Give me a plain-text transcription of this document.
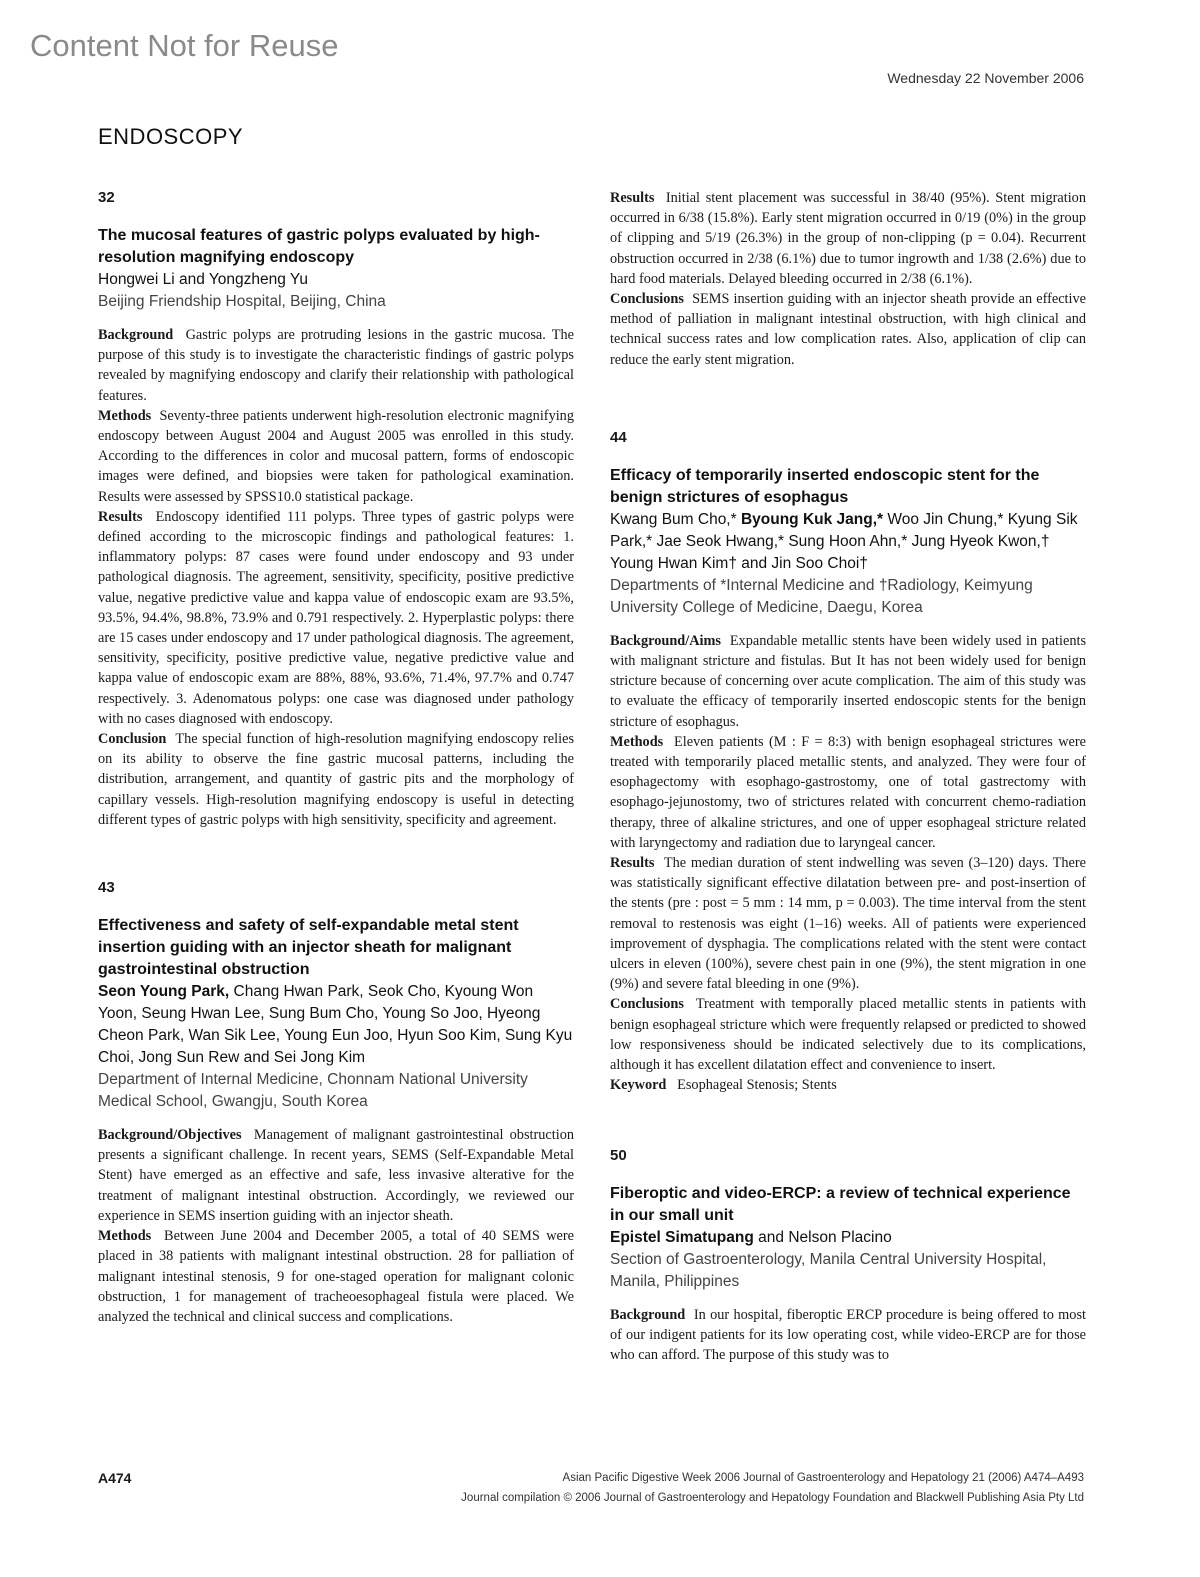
Content Not for Reuse
Wednesday 22 November 2006
ENDOSCOPY

32

The mucosal features of gastric polyps evaluated by high-resolution magnifying endoscopy

Hongwei Li and Yongzheng Yu

Beijing Friendship Hospital, Beijing, China

Background Gastric polyps are protruding lesions in the gastric mucosa. The purpose of this study is to investigate the characteristic findings of gastric polyps revealed by magnifying endoscopy and clarify their relationship with pathological features.

Methods Seventy-three patients underwent high-resolution electronic magnifying endoscopy between August 2004 and August 2005 was enrolled in this study. According to the differences in color and mucosal pattern, forms of endoscopic images were defined, and biopsies were taken for pathological examination. Results were assessed by SPSS10.0 statistical package.

Results Endoscopy identified 111 polyps. Three types of gastric polyps were defined according to the microscopic findings and pathological features: 1. inflammatory polyps: 87 cases were found under endoscopy and 93 under pathological diagnosis. The agreement, sensitivity, specificity, positive predictive value, negative predictive value and kappa value of endoscopic exam are 93.5%, 93.5%, 94.4%, 98.8%, 73.9% and 0.791 respectively. 2. Hyperplastic polyps: there are 15 cases under endoscopy and 17 under pathological diagnosis. The agreement, sensitivity, specificity, positive predictive value, negative predictive value and kappa value of endoscopic exam are 88%, 88%, 93.6%, 71.4%, 97.7% and 0.747 respectively. 3. Adenomatous polyps: one case was diagnosed under pathology with no cases diagnosed with endoscopy.

Conclusion The special function of high-resolution magnifying endoscopy relies on its ability to observe the fine gastric mucosal patterns, including the distribution, arrangement, and quantity of gastric pits and the morphology of capillary vessels. High-resolution magnifying endoscopy is useful in detecting different types of gastric polyps with high sensitivity, specificity and agreement.

43

Effectiveness and safety of self-expandable metal stent insertion guiding with an injector sheath for malignant gastrointestinal obstruction

Seon Young Park, Chang Hwan Park, Seok Cho, Kyoung Won Yoon, Seung Hwan Lee, Sung Bum Cho, Young So Joo, Hyeong Cheon Park, Wan Sik Lee, Young Eun Joo, Hyun Soo Kim, Sung Kyu Choi, Jong Sun Rew and Sei Jong Kim

Department of Internal Medicine, Chonnam National University Medical School, Gwangju, South Korea

Background/Objectives Management of malignant gastrointestinal obstruction presents a significant challenge. In recent years, SEMS (Self-Expandable Metal Stent) have emerged as an effective and safe, less invasive alterative for the treatment of malignant intestinal obstruction. Accordingly, we reviewed our experience in SEMS insertion guiding with an injector sheath.

Methods Between June 2004 and December 2005, a total of 40 SEMS were placed in 38 patients with malignant intestinal obstruction. 28 for palliation of malignant intestinal stenosis, 9 for one-staged operation for malignant colonic obstruction, 1 for management of tracheoesophageal fistula were placed. We analyzed the technical and clinical success and complications.

Results Initial stent placement was successful in 38/40 (95%). Stent migration occurred in 6/38 (15.8%). Early stent migration occurred in 0/19 (0%) in the group of clipping and 5/19 (26.3%) in the group of non-clipping (p = 0.04). Recurrent obstruction occurred in 2/38 (6.1%) due to tumor ingrowth and 1/38 (2.6%) due to hard food materials. Delayed bleeding occurred in 2/38 (6.1%).

Conclusions SEMS insertion guiding with an injector sheath provide an effective method of palliation in malignant intestinal obstruction, with high clinical and technical success rates and low complication rates. Also, application of clip can reduce the early stent migration.

44

Efficacy of temporarily inserted endoscopic stent for the benign strictures of esophagus

Kwang Bum Cho,* Byoung Kuk Jang,* Woo Jin Chung,* Kyung Sik Park,* Jae Seok Hwang,* Sung Hoon Ahn,* Jung Hyeok Kwon,† Young Hwan Kim† and Jin Soo Choi†

Departments of *Internal Medicine and †Radiology, Keimyung University College of Medicine, Daegu, Korea

Background/Aims Expandable metallic stents have been widely used in patients with malignant stricture and fistulas. But It has not been widely used for benign stricture because of concerning over acute complication. The aim of this study was to evaluate the efficacy of temporarily inserted endoscopic stents for the benign stricture of esophagus.

Methods Eleven patients (M : F = 8:3) with benign esophageal strictures were treated with temporarily placed metallic stents, and analyzed. They were four of esophagectomy with esophago-gastrostomy, one of total gastrectomy with esophago-jejunostomy, two of strictures related with concurrent chemo-radiation therapy, three of alkaline strictures, and one of upper esophageal stricture related with laryngectomy and radiation due to laryngeal cancer.

Results The median duration of stent indwelling was seven (3–120) days. There was statistically significant effective dilatation between pre- and post-insertion of the stents (pre : post = 5 mm : 14 mm, p = 0.003). The time interval from the stent removal to restenosis was eight (1–16) weeks. All of patients were experienced improvement of dysphagia. The complications related with the stent were contact ulcers in eleven (100%), severe chest pain in one (9%), the stent migration in one (9%) and severe fatal bleeding in one (9%).

Conclusions Treatment with temporally placed metallic stents in patients with benign esophageal stricture which were frequently relapsed or predicted to showed low responsiveness should be indicated selectively due to its complications, although it has excellent dilatation effect and convenience to insert.

Keyword Esophageal Stenosis; Stents

50

Fiberoptic and video-ERCP: a review of technical experience in our small unit

Epistel Simatupang and Nelson Placino

Section of Gastroenterology, Manila Central University Hospital, Manila, Philippines

Background In our hospital, fiberoptic ERCP procedure is being offered to most of our indigent patients for its low operating cost, while video-ERCP are for those who can afford. The purpose of this study was to

A474	Asian Pacific Digestive Week 2006 Journal of Gastroenterology and Hepatology 21 (2006) A474–A493
Journal compilation © 2006 Journal of Gastroenterology and Hepatology Foundation and Blackwell Publishing Asia Pty Ltd
